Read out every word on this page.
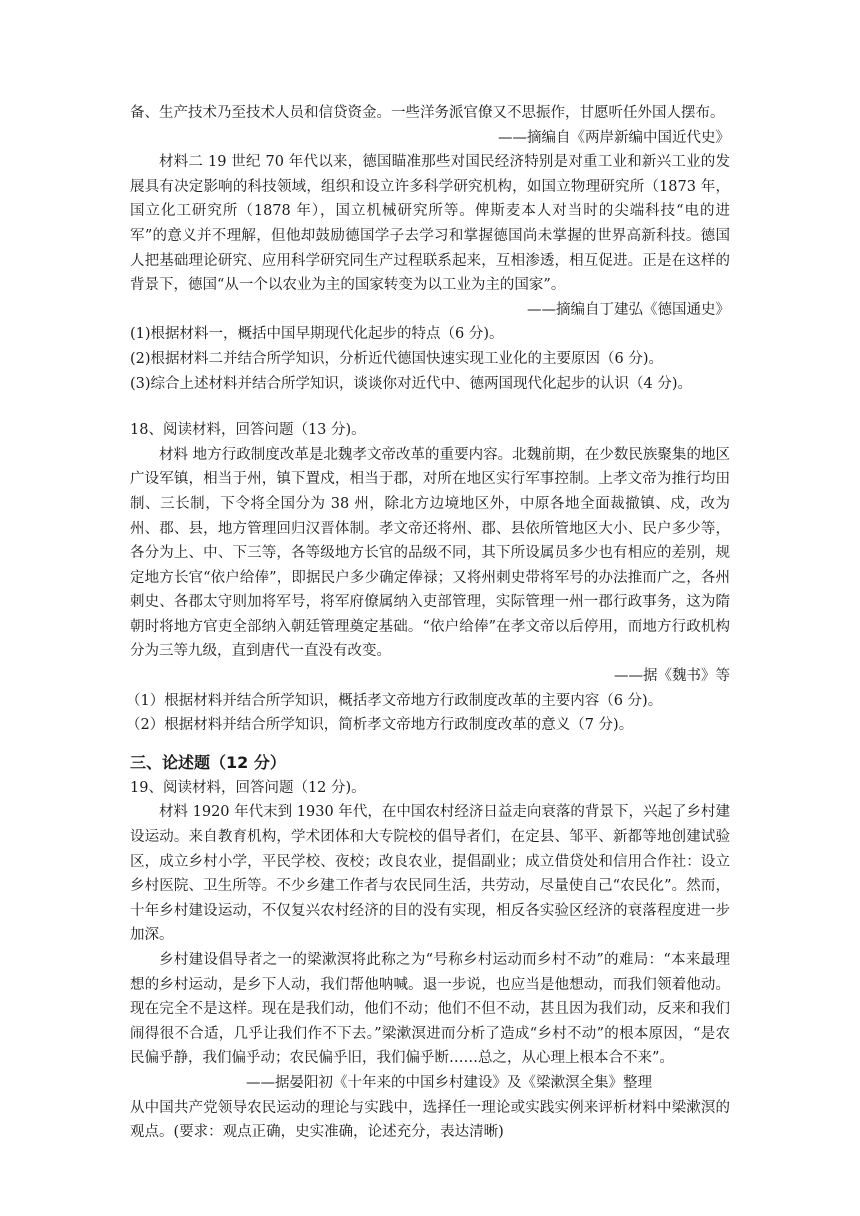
备、生产技术乃至技术人员和信贷资金。一些洋务派官僚又不思振作，甘愿听任外国人摆布。

——摘编自《两岸新编中国近代史》

材料二 19 世纪 70 年代以来，德国瞄准那些对国民经济特别是对重工业和新兴工业的发展具有决定影响的科技领域，组织和设立许多科学研究机构，如国立物理研究所（1873 年，国立化工研究所（1878 年），国立机械研究所等。俾斯麦本人对当时的尖端科技“电的进军”的意义并不理解，但他却鼓励德国学子去学习和掌握德国尚未掌握的世界高新科技。德国人把基础理论研究、应用科学研究同生产过程联系起来，互相渗透，相互促进。正是在这样的背景下，德国“从一个以农业为主的国家转变为以工业为主的国家”。

——摘编自丁建弘《德国通史》

(1)根据材料一，概括中国早期现代化起步的特点（6 分)。

(2)根据材料二并结合所学知识，分析近代德国快速实现工业化的主要原因（6 分)。

(3)综合上述材料并结合所学知识，谈谈你对近代中、德两国现代化起步的认识（4 分)。

18、阅读材料，回答问题（13 分)。

材料 地方行政制度改革是北魏孝文帝改革的重要内容。北魏前期，在少数民族聚集的地区广设军镇，相当于州，镇下置戍，相当于郡，对所在地区实行军事控制。上孝文帝为推行均田制、三长制，下令将全国分为 38 州，除北方边境地区外，中原各地全面裁撤镇、戍，改为州、郡、县，地方管理回归汉晋体制。孝文帝还将州、郡、县依所管地区大小、民户多少等，各分为上、中、下三等，各等级地方长官的品级不同，其下所设属员多少也有相应的差别，规定地方长官“依户给俸”，即据民户多少确定俸禄；又将州刺史带将军号的办法推而广之，各州刺史、各郡太守则加将军号，将军府僚属纳入吏部管理，实际管理一州一郡行政事务，这为隋朝时将地方官吏全部纳入朝廷管理奠定基础。“依户给俸”在孝文帝以后停用，而地方行政机构分为三等九级，直到唐代一直没有改变。

——据《魏书》等

（1）根据材料并结合所学知识，概括孝文帝地方行政制度改革的主要内容（6 分)。

（2）根据材料并结合所学知识，简析孝文帝地方行政制度改革的意义（7 分)。

三、论述题（12 分）

19、阅读材料，回答问题（12 分)。

材料 1920 年代末到 1930 年代，在中国农村经济日益走向衰落的背景下，兴起了乡村建设运动。来自教育机构，学术团体和大专院校的倡导者们，在定县、邹平、新都等地创建试验区，成立乡村小学，平民学校、夜校；改良农业，提倡副业；成立借贷处和信用合作社：设立乡村医院、卫生所等。不少乡建工作者与农民同生活，共劳动，尽量使自己“农民化”。然而，十年乡村建设运动，不仅复兴农村经济的目的没有实现，相反各实验区经济的衰落程度进一步加深。

乡村建设倡导者之一的梁漱溟将此称之为“号称乡村运动而乡村不动”的难局：“本来最理想的乡村运动，是乡下人动，我们帮他呐喊。退一步说，也应当是他想动，而我们领着他动。现在完全不是这样。现在是我们动，他们不动；他们不但不动，甚且因为我们动，反来和我们闹得很不合适，几乎让我们作不下去。”梁漱溟进而分析了造成“乡村不动”的根本原因，“是农民偏乎静，我们偏乎动；农民偏乎旧，我们偏乎断……总之，从心理上根本合不来”。

——据晏阳初《十年来的中国乡村建设》及《梁漱溟全集》整理

从中国共产党领导农民运动的理论与实践中，选择任一理论或实践实例来评析材料中梁漱溟的观点。(要求：观点正确，史实准确，论述充分，表达清晰)
